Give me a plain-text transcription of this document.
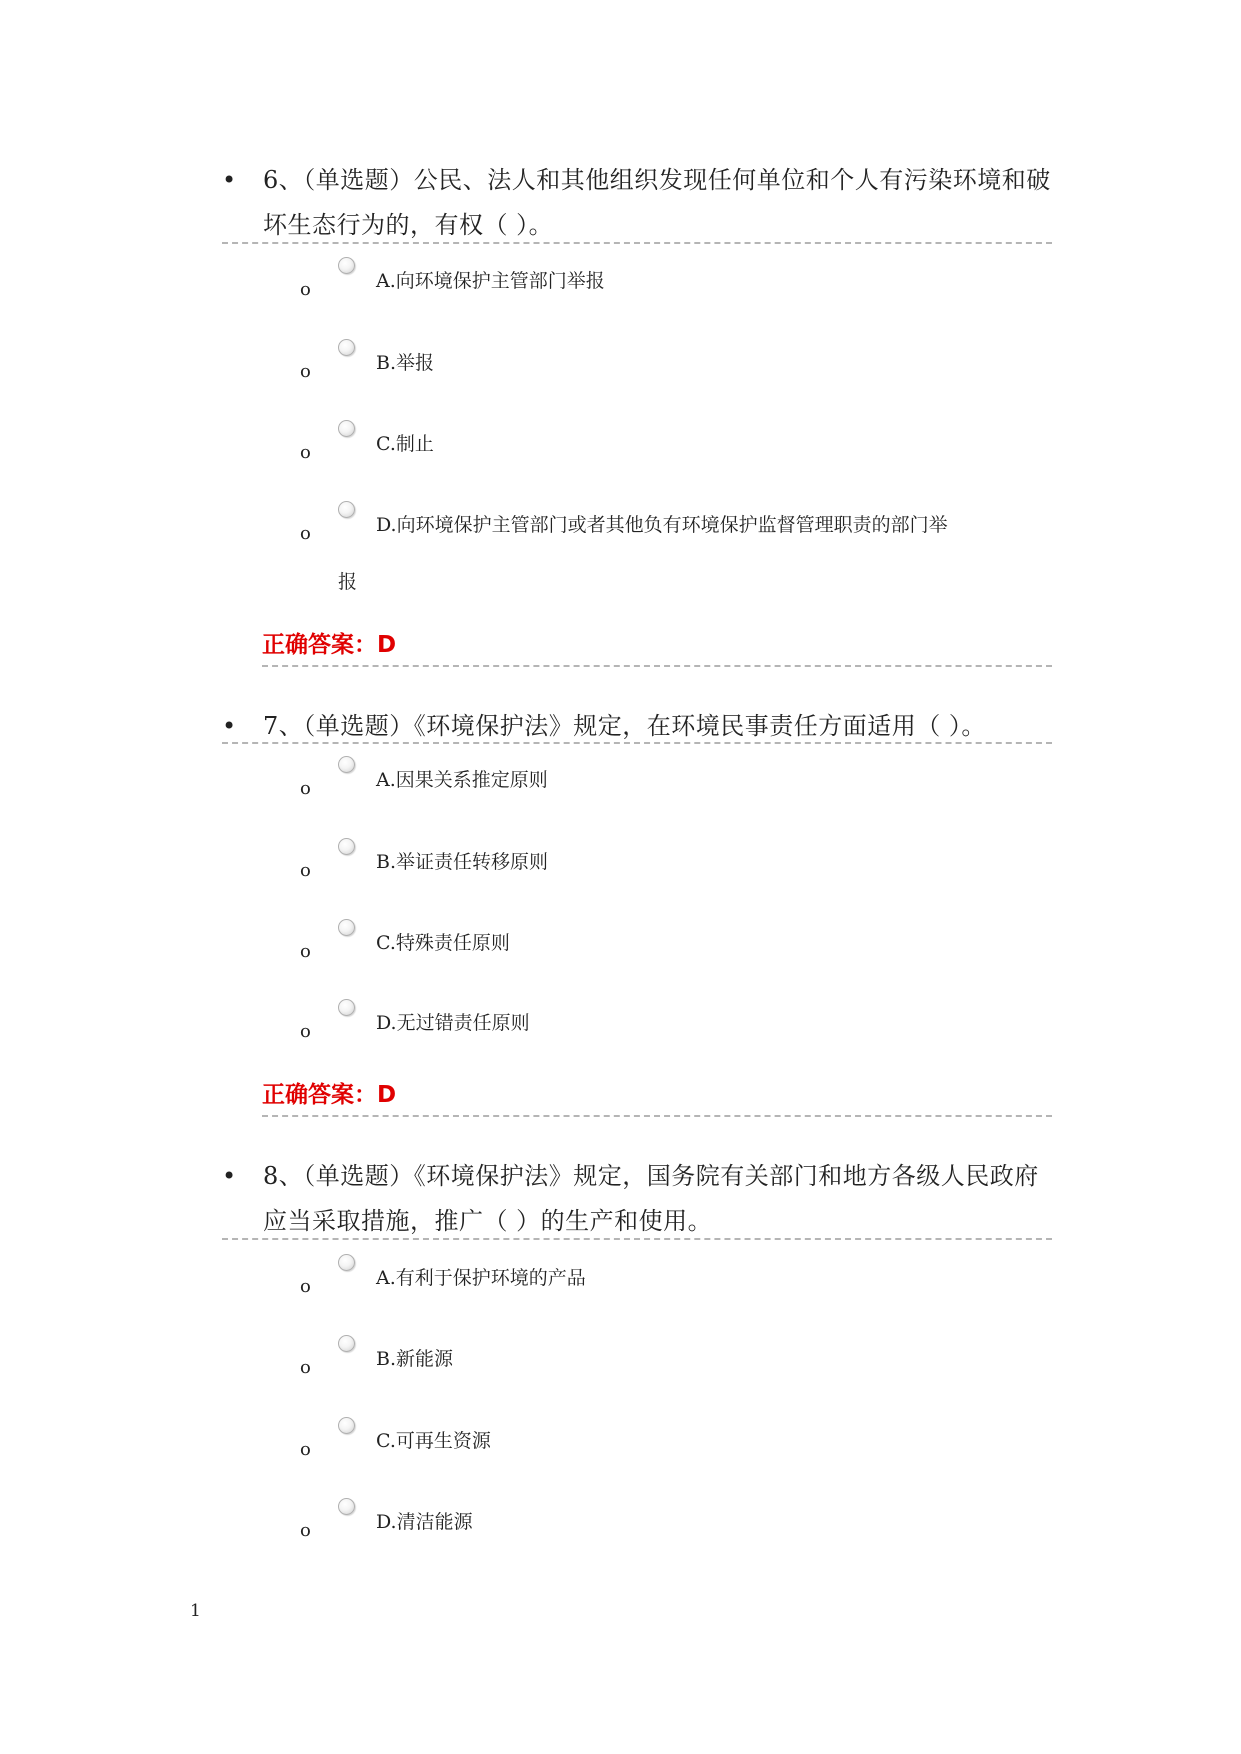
• 6、（单选题）公民、法人和其他组织发现任何单位和个人有污染环境和破坏生态行为的，有权（ ）。
o	A.向环境保护主管部门举报
o	B.举报
o	C.制止
o	D.向环境保护主管部门或者其他负有环境保护监督管理职责的部门举
报
正确答案：D
• 7、（单选题）《环境保护法》规定，在环境民事责任方面适用（ ）。
o	A.因果关系推定原则
o	B.举证责任转移原则
o	C.特殊责任原则
o	D.无过错责任原则
正确答案：D
• 8、（单选题）《环境保护法》规定，国务院有关部门和地方各级人民政府应当采取措施，推广（ ）的生产和使用。
o	A.有利于保护环境的产品
o	B.新能源
o	C.可再生资源
o	D.清洁能源
1
